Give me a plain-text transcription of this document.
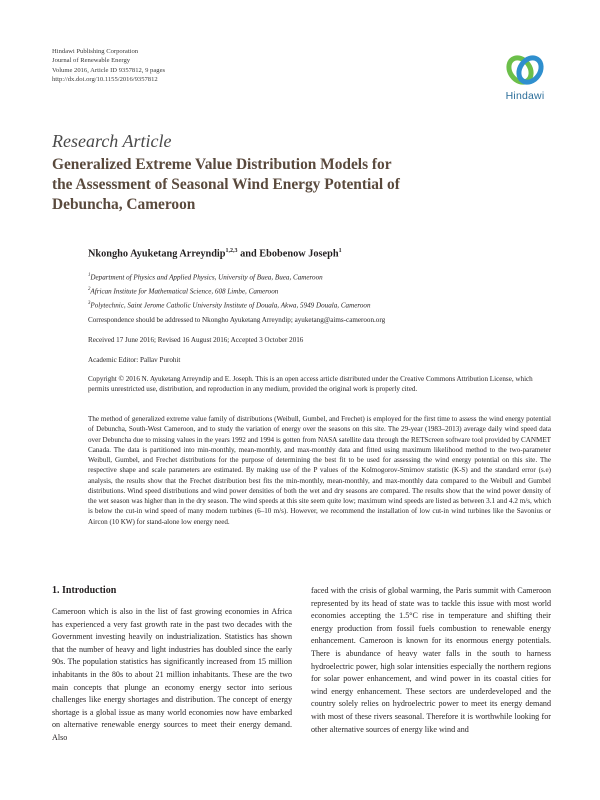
Hindawi Publishing Corporation
Journal of Renewable Energy
Volume 2016, Article ID 9357812, 9 pages
http://dx.doi.org/10.1155/2016/9357812
Hindawi
Research Article
Generalized Extreme Value Distribution Models for
the Assessment of Seasonal Wind Energy Potential of
Debuncha, Cameroon
Nkongho Ayuketang Arreyndip$^{1,2,3}$ and Ebobenow Joseph$^1$
$^1$Department of Physics and Applied Physics, University of Buea, Buea, Cameroon
$^2$African Institute for Mathematical Science, 608 Limbe, Cameroon
$^3$Polytechnic, Saint Jerome Catholic University Institute of Douala, Akwa, 5949 Douala, Cameroon
Correspondence should be addressed to Nkongho Ayuketang Arreyndip; ayuketang@aims-cameroon.org
Received 17 June 2016; Revised 16 August 2016; Accepted 3 October 2016
Academic Editor: Pallav Purohit
Copyright © 2016 N. Ayuketang Arreyndip and E. Joseph. This is an open access article distributed under the Creative Commons Attribution License, which permits unrestricted use, distribution, and reproduction in any medium, provided the original work is properly cited.
The method of generalized extreme value family of distributions (Weibull, Gumbel, and Frechet) is employed for the first time to assess the wind energy potential of Debuncha, South-West Cameroon, and to study the variation of energy over the seasons on this site. The 29-year (1983–2013) average daily wind speed data over Debuncha due to missing values in the years 1992 and 1994 is gotten from NASA satellite data through the RETScreen software tool provided by CANMET Canada. The data is partitioned into min-monthly, mean-monthly, and max-monthly data and fitted using maximum likelihood method to the two-parameter Weibull, Gumbel, and Frechet distributions for the purpose of determining the best fit to be used for assessing the wind energy potential on this site. The respective shape and scale parameters are estimated. By making use of the P values of the Kolmogorov-Smirnov statistic (K-S) and the standard error (s.e) analysis, the results show that the Frechet distribution best fits the min-monthly, mean-monthly, and max-monthly data compared to the Weibull and Gumbel distributions. Wind speed distributions and wind power densities of both the wet and dry seasons are compared. The results show that the wind power density of the wet season was higher than in the dry season. The wind speeds at this site seem quite low; maximum wind speeds are listed as between 3.1 and 4.2 m/s, which is below the cut-in wind speed of many modern turbines (6–10 m/s). However, we recommend the installation of low cut-in wind turbines like the Savonius or Aircon (10 KW) for stand-alone low energy need.
1. Introduction
Cameroon which is also in the list of fast growing economies in Africa has experienced a very fast growth rate in the past two decades with the Government investing heavily on industrialization. Statistics has shown that the number of heavy and light industries has doubled since the early 90s. The population statistics has significantly increased from 15 million inhabitants in the 80s to about 21 million inhabitants. These are the two main concepts that plunge an economy energy sector into serious challenges like energy shortages and distribution. The concept of energy shortage is a global issue as many world economies now have embarked on alternative renewable energy sources to meet their energy demand. Also
faced with the crisis of global warming, the Paris summit with Cameroon represented by its head of state was to tackle this issue with most world economies accepting the 1.5°C rise in temperature and shifting their energy production from fossil fuels combustion to renewable energy enhancement. Cameroon is known for its enormous energy potentials. There is abundance of heavy water falls in the south to harness hydroelectric power, high solar intensities especially the northern regions for solar power enhancement, and wind power in its coastal cities for wind energy enhancement. These sectors are underdeveloped and the country solely relies on hydroelectric power to meet its energy demand with most of these rivers seasonal. Therefore it is worthwhile looking for other alternative sources of energy like wind and
